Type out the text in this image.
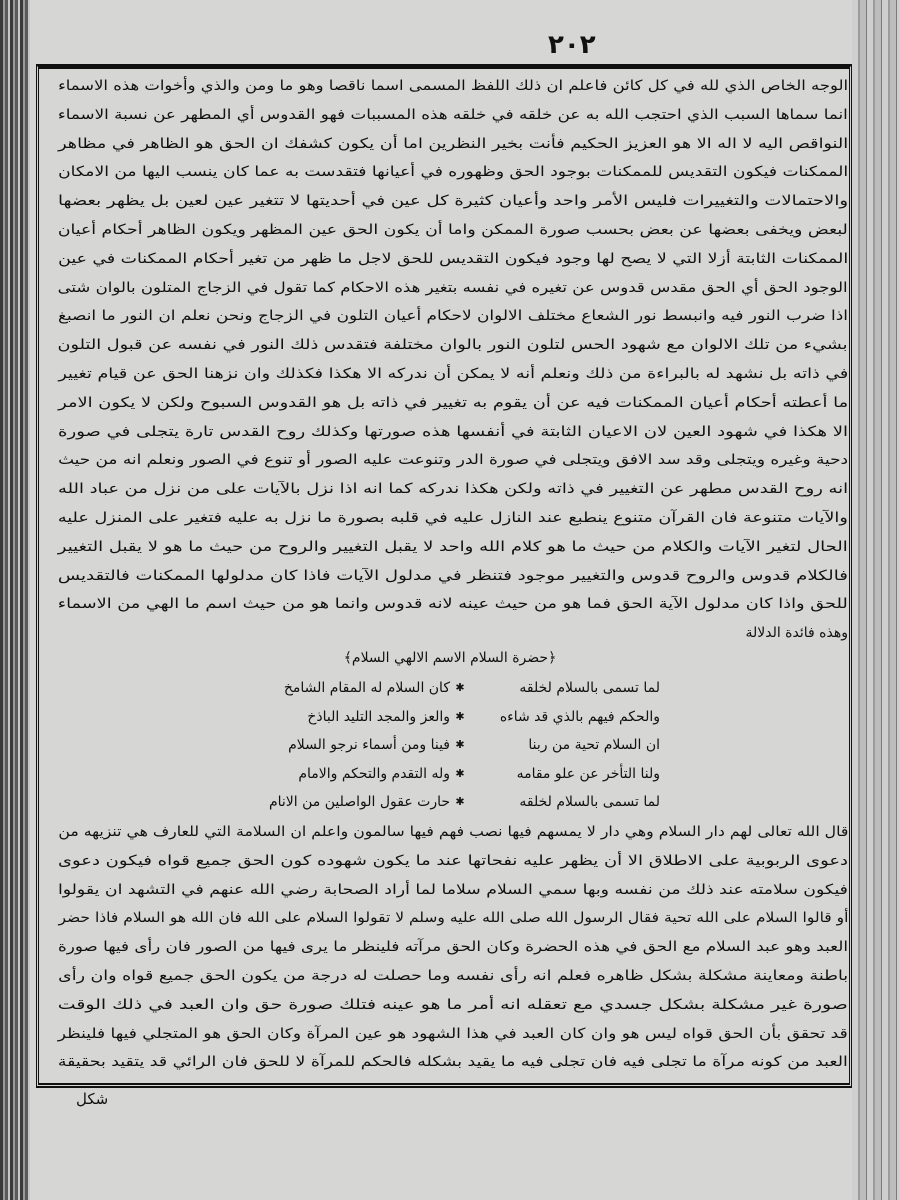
٢٠٢
الوجه الخاص الذي لله في كل كائن فاعلم ان ذلك اللفظ المسمى اسما ناقصا وهو ما ومن والذي وأخوات هذه الاسماء
انما سماها السبب الذي احتجب الله به عن خلقه في خلقه هذه المسببات فهو القدوس أي المطهر عن نسبة الاسماء
النواقص اليه لا اله الا هو العزيز الحكيم فأنت بخير النظرين اما أن يكون كشفك ان الحق هو الظاهر في مظاهر
الممكنات فيكون التقديس للممكنات بوجود الحق وظهوره في أعيانها فتقدست به عما كان ينسب اليها من الامكان
والاحتمالات والتغييرات فليس الأمر واحد وأعيان كثيرة كل عين في أحديتها لا تتغير عين لعين بل يظهر بعضها
لبعض ويخفى بعضها عن بعض بحسب صورة الممكن واما أن يكون الحق عين المظهر ويكون الظاهر أحكام أعيان
الممكنات الثابتة أزلا التي لا يصح لها وجود فيكون التقديس للحق لاجل ما ظهر من تغير أحكام الممكنات في عين
الوجود الحق أي الحق مقدس قدوس عن تغيره في نفسه بتغير هذه الاحكام كما تقول في الزجاج المتلون بالوان شتى
اذا ضرب النور فيه وانبسط نور الشعاع مختلف الالوان لاحكام أعيان التلون في الزجاج ونحن نعلم ان النور ما انصبغ
بشيء من تلك الالوان مع شهود الحس لتلون النور بالوان مختلفة فتقدس ذلك النور في نفسه عن قبول التلون
في ذاته بل نشهد له بالبراءة من ذلك ونعلم أنه لا يمكن أن ندركه الا هكذا فكذلك وان نزهنا الحق عن قيام تغيير
ما أعطته أحكام أعيان الممكنات فيه عن أن يقوم به تغيير في ذاته بل هو القدوس السبوح ولكن لا يكون الامر
الا هكذا في شهود العين لان الاعيان الثابتة في أنفسها هذه صورتها وكذلك روح القدس تارة يتجلى في صورة
دحية وغيره ويتجلى وقد سد الافق ويتجلى في صورة الدر وتنوعت عليه الصور أو تنوع في الصور ونعلم انه من حيث
انه روح القدس مطهر عن التغيير في ذاته ولكن هكذا ندركه كما انه اذا نزل بالآيات على من نزل من عباد الله
والآيات متنوعة فان القرآن متنوع ينطبع عند النازل عليه في قلبه بصورة ما نزل به عليه فتغير على المنزل عليه
الحال لتغير الآيات والكلام من حيث ما هو كلام الله واحد لا يقبل التغيير والروح من حيث ما هو لا يقبل التغيير
فالكلام قدوس والروح قدوس والتغيير موجود فتنظر في مدلول الآيات فاذا كان مدلولها الممكنات فالتقديس
للحق واذا كان مدلول الآية الحق فما هو من حيث عينه لانه قدوس وانما هو من حيث اسم ما الهي من الاسماء
وهذه فائدة الدلالة
﴿حضرة السلام الاسم الالهي السلام﴾
لما تسمى بالسلام لخلقه
✱
كان السلام له المقام الشامخ
والحكم فيهم بالذي قد شاءه
✱
والعز والمجد التليد الباذخ
ان السلام تحية من ربنا
✱
فينا ومن أسماء نرجو السلام
ولنا التأخر عن علو مقامه
✱
وله التقدم والتحكم والامام
لما تسمى بالسلام لخلقه
✱
حارت عقول الواصلين من الانام
قال الله تعالى لهم دار السلام وهي دار لا يمسهم فيها نصب فهم فيها سالمون واعلم ان السلامة التي للعارف هي تنزيهه من
دعوى الربوبية على الاطلاق الا أن يظهر عليه نفحاتها عند ما يكون شهوده كون الحق جميع قواه فيكون دعوى
فيكون سلامته عند ذلك من نفسه وبها سمي السلام سلاما لما أراد الصحابة رضي الله عنهم في التشهد ان يقولوا
أو قالوا السلام على الله تحية فقال الرسول الله صلى الله عليه وسلم لا تقولوا السلام على الله فان الله هو السلام فاذا حضر
العبد وهو عبد السلام مع الحق في هذه الحضرة وكان الحق مرآته فلينظر ما يرى فيها من الصور فان رأى فيها صورة
باطنة ومعاينة مشكلة بشكل ظاهره فعلم انه رأى نفسه وما حصلت له درجة من يكون الحق جميع قواه وان رأى
صورة غير مشكلة بشكل جسدي مع تعقله انه أمر ما هو عينه فتلك صورة حق وان العبد في ذلك الوقت
قد تحقق بأن الحق قواه ليس هو وان كان العبد في هذا الشهود هو عين المرآة وكان الحق هو المتجلي فيها فلينظر
العبد من كونه مرآة ما تجلى فيه فان تجلى فيه ما يقيد بشكله فالحكم للمرآة لا للحق فان الرائي قد يتقيد بحقيقة
شكل
